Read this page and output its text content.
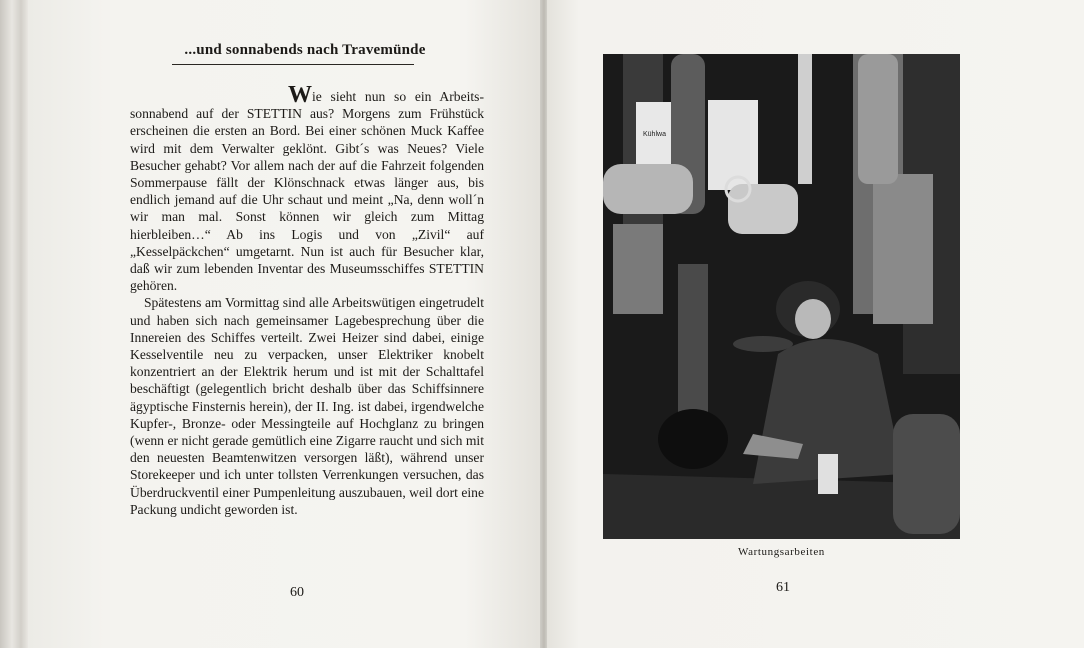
...und sonnabends nach Travemünde

Wie sieht nun so ein Arbeitssonnabend auf der STETTIN aus? Morgens zum Frühstück erscheinen die ersten an Bord. Bei einer schönen Muck Kaffee wird mit dem Verwalter geklönt. Gibt´s was Neues? Viele Besucher gehabt? Vor allem nach der auf die Fahrzeit folgenden Sommerpause fällt der Klönschnack etwas länger aus, bis endlich jemand auf die Uhr schaut und meint „Na, denn woll´n wir man mal. Sonst können wir gleich zum Mittag hierbleiben…“ Ab ins Logis und von „Zivil“ auf „Kesselpäckchen“ umgetarnt. Nun ist auch für Besucher klar, daß wir zum lebenden Inventar des Museumsschiffes STETTIN gehören.

Spätestens am Vormittag sind alle Arbeitswütigen eingetrudelt und haben sich nach gemeinsamer Lagebesprechung über die Innereien des Schiffes verteilt. Zwei Heizer sind dabei, einige Kesselventile neu zu verpacken, unser Elektriker knobelt konzentriert an der Elektrik herum und ist mit der Schalttafel beschäftigt (gelegentlich bricht deshalb über das Schiffsinnere ägyptische Finsternis herein), der II. Ing. ist dabei, irgendwelche Kupfer-, Bronze- oder Messingteile auf Hochglanz zu bringen (wenn er nicht gerade gemütlich eine Zigarre raucht und sich mit den neuesten Beamtenwitzen versorgen läßt), während unser Storekeeper und ich unter tollsten Verrenkungen versuchen, das Überdruckventil einer Pumpenleitung auszubauen, weil dort eine Packung undicht geworden ist.

60
Kühlwa
Wartungsarbeiten
61
